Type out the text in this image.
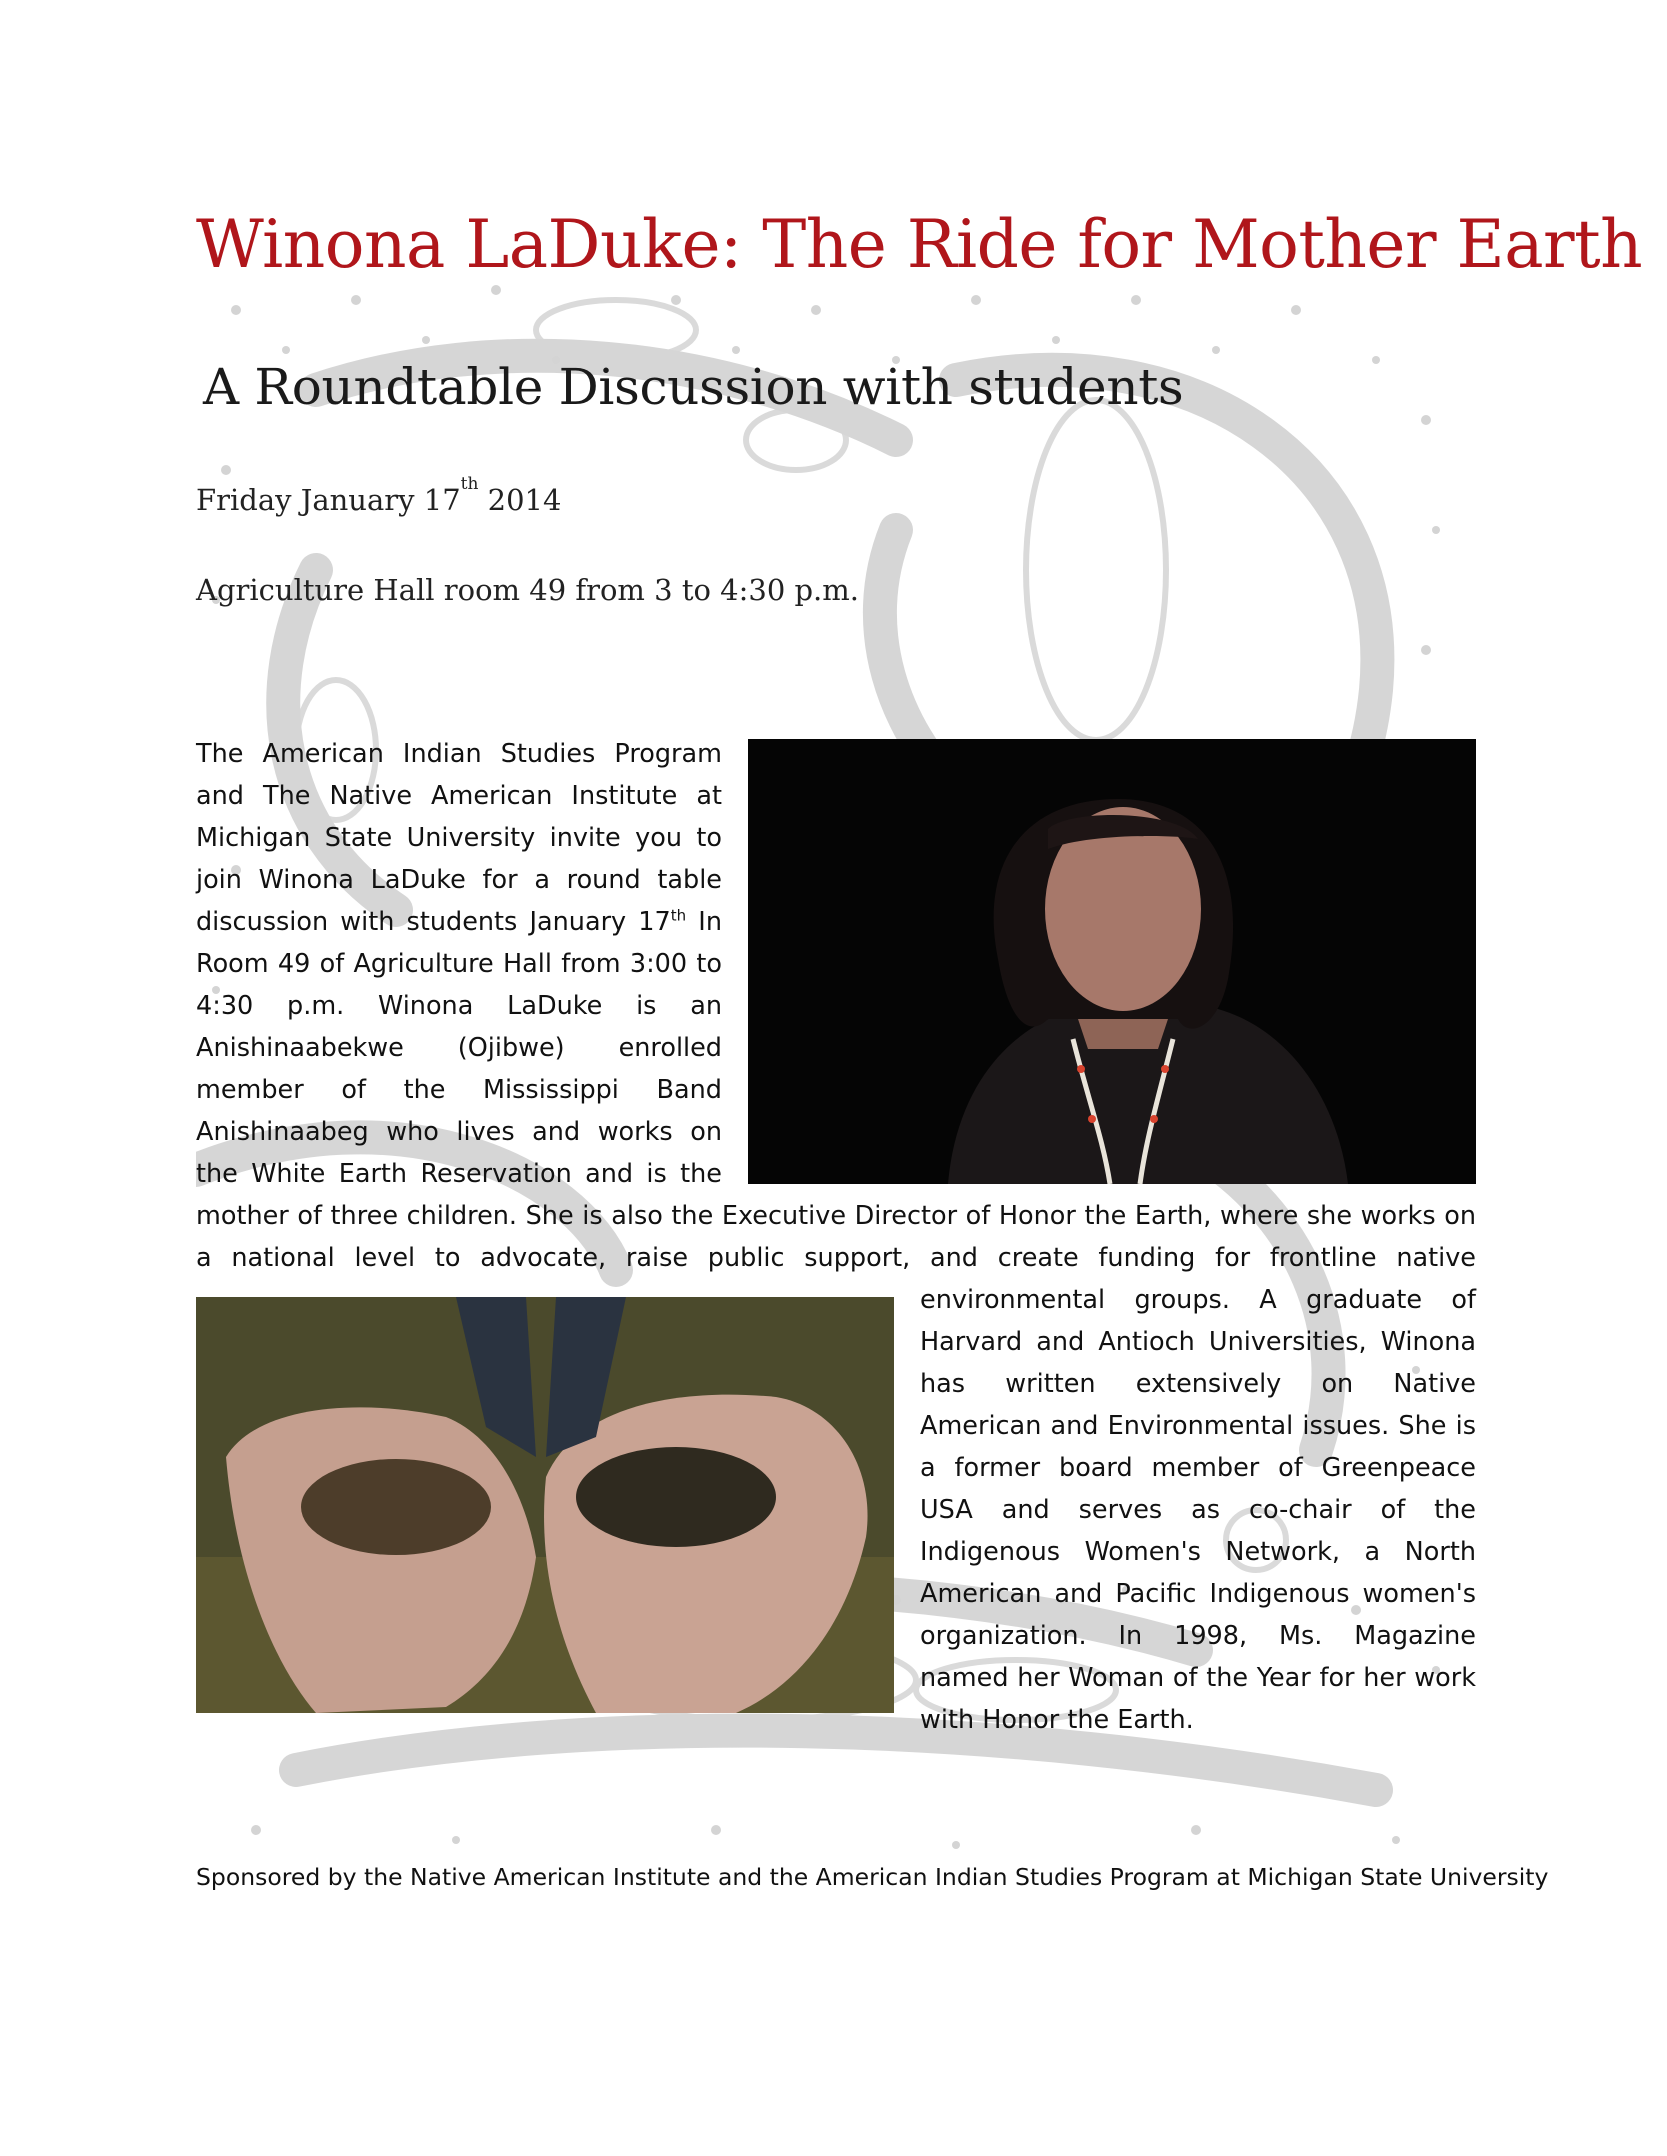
Winona LaDuke: The Ride for Mother Earth
A Roundtable Discussion with students
Friday January 17th 2014
Agriculture Hall room 49 from 3 to 4:30 p.m.
The American Indian Studies Program and The Native American Institute at Michigan State University invite you to join Winona LaDuke for a round table discussion with students January 17th In Room 49 of Agriculture Hall from 3:00 to 4:30 p.m. Winona LaDuke is an Anishinaabekwe (Ojibwe) enrolled member of the Mississippi Band Anishinaabeg who lives and works on the White Earth Reservation and is the mother of three children. She is also the Executive Director of Honor the Earth, where she works on a national level to advocate, raise public support, and create funding for frontline native environmental groups. A graduate of Harvard and Antioch Universities, Winona has written extensively on Native American and Environmental issues. She is a former board member of Greenpeace USA and serves as co-chair of the Indigenous Women's Network, a North American and Pacific Indigenous women's organization. In 1998, Ms. Magazine named her Woman of the Year for her work with Honor the Earth.
Sponsored by the Native American Institute and the American Indian Studies Program at Michigan State University
